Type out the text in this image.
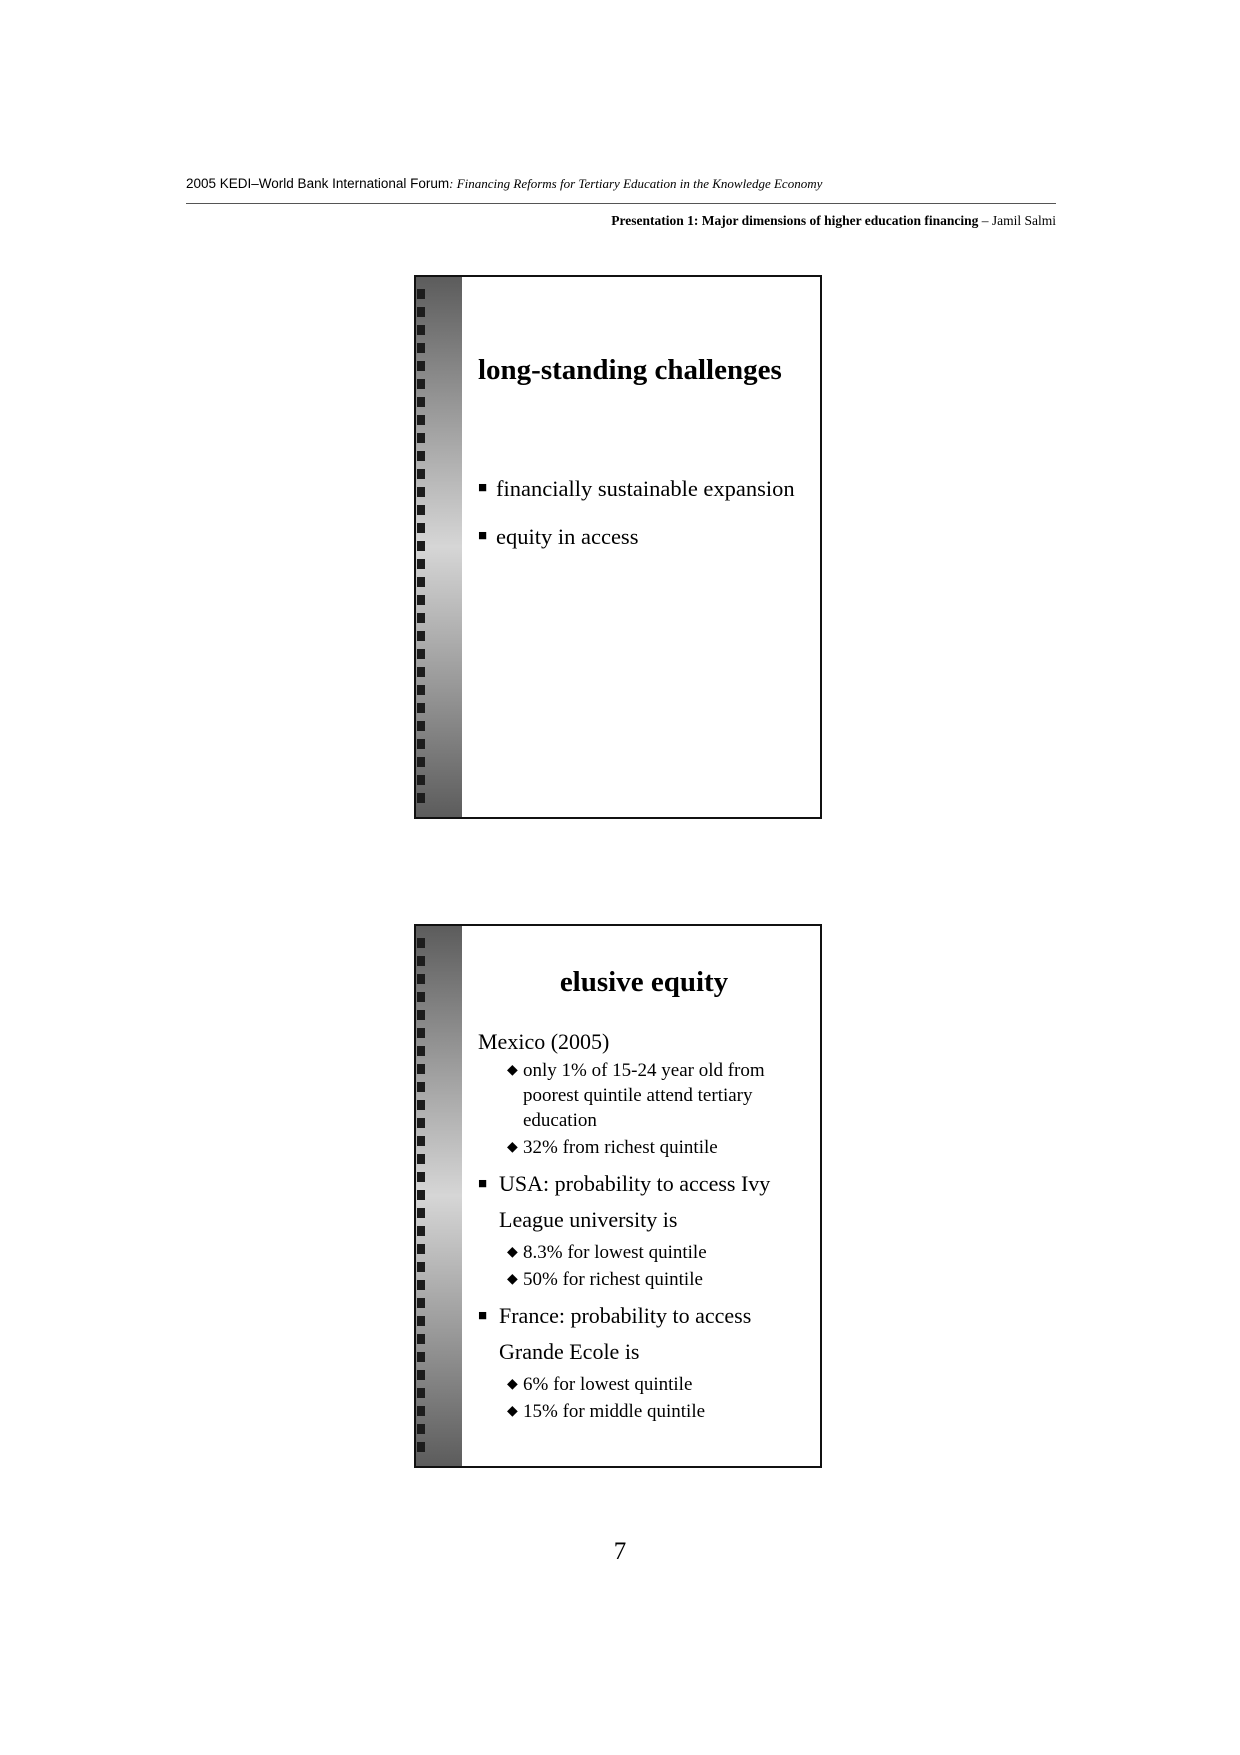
2005 KEDI–World Bank International Forum: Financing Reforms for Tertiary Education in the Knowledge Economy
Presentation 1: Major dimensions of higher education financing – Jamil Salmi
long-standing challenges
■ financially sustainable expansion
■ equity in access
elusive equity
Mexico (2005)
◆ only 1% of 15-24 year old from poorest quintile attend tertiary education
◆ 32% from richest quintile
■ USA: probability to access Ivy League university is
◆ 8.3% for lowest quintile
◆ 50% for richest quintile
■ France: probability to access Grande Ecole is
◆ 6% for lowest quintile
◆ 15% for middle quintile
7
